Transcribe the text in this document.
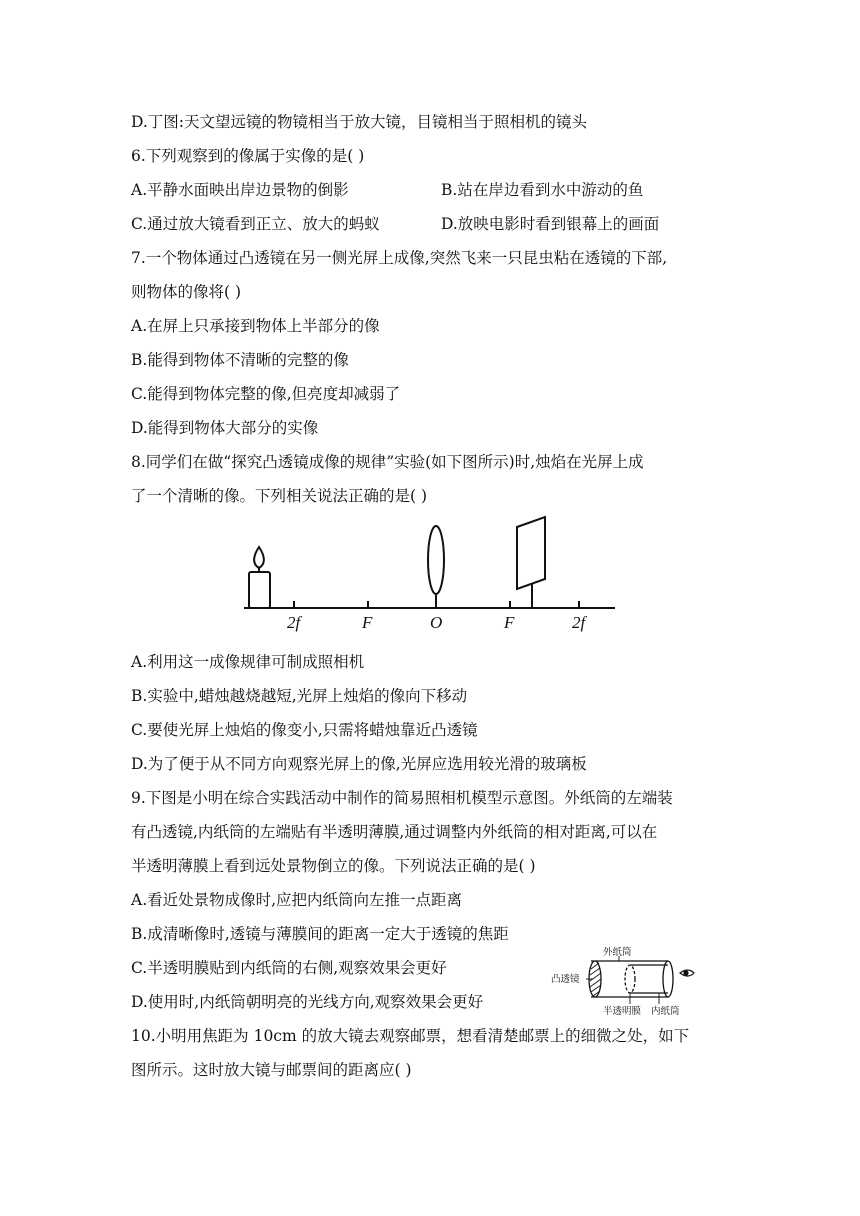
D.丁图:天文望远镜的物镜相当于放大镜，目镜相当于照相机的镜头
6.下列观察到的像属于实像的是( )
A.平静水面映出岸边景物的倒影	B.站在岸边看到水中游动的鱼
C.通过放大镜看到正立、放大的蚂蚁	D.放映电影时看到银幕上的画面
7.一个物体通过凸透镜在另一侧光屏上成像,突然飞来一只昆虫粘在透镜的下部,
则物体的像将( )
A.在屏上只承接到物体上半部分的像
B.能得到物体不清晰的完整的像
C.能得到物体完整的像,但亮度却减弱了
D.能得到物体大部分的实像
8.同学们在做“探究凸透镜成像的规律”实验(如下图所示)时,烛焰在光屏上成
了一个清晰的像。下列相关说法正确的是( )
2f	F	O	F	2f
A.利用这一成像规律可制成照相机
B.实验中,蜡烛越烧越短,光屏上烛焰的像向下移动
C.要使光屏上烛焰的像变小,只需将蜡烛靠近凸透镜
D.为了便于从不同方向观察光屏上的像,光屏应选用较光滑的玻璃板
9.下图是小明在综合实践活动中制作的简易照相机模型示意图。外纸筒的左端装
有凸透镜,内纸筒的左端贴有半透明薄膜,通过调整内外纸筒的相对距离,可以在
半透明薄膜上看到远处景物倒立的像。下列说法正确的是( )
A.看近处景物成像时,应把内纸筒向左推一点距离
B.成清晰像时,透镜与薄膜间的距离一定大于透镜的焦距
C.半透明膜贴到内纸筒的右侧,观察效果会更好
D.使用时,内纸筒朝明亮的光线方向,观察效果会更好
外纸筒
凸透镜
半透明膜 内纸筒
10.小明用焦距为 10cm 的放大镜去观察邮票，想看清楚邮票上的细微之处，如下
图所示。这时放大镜与邮票间的距离应( )
